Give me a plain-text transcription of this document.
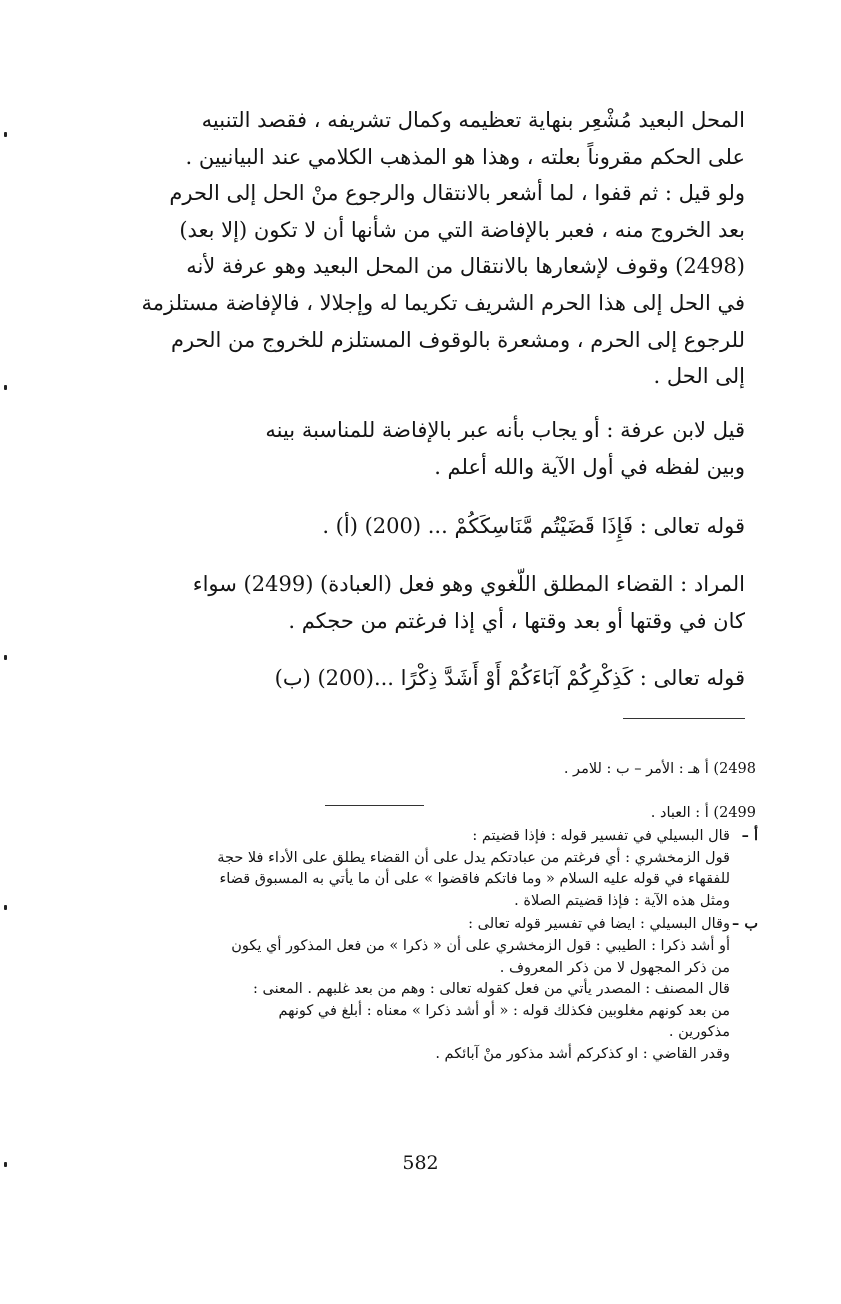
المحل البعيد مُشْعِر بنهاية تعظيمه وكمال تشريفه ، فقصد التنبيه
على الحكم مقروناً بعلته ، وهذا هو المذهب الكلامي عند البيانيين .
ولو قيل : ثم قفوا ، لما أشعر بالانتقال والرجوع منْ الحل إلى الحرم
بعد الخروج منه ، فعبر بالإفاضة التي من شأنها أن لا تكون (إلا بعد)
(2498) وقوف لإشعارها بالانتقال من المحل البعيد وهو عرفة لأنه
في الحل إلى هذا الحرم الشريف تكريما له وإجلالا ، فالإفاضة مستلزمة
للرجوع إلى الحرم ، ومشعرة بالوقوف المستلزم للخروج من الحرم
إلى الحل .

قيل لابن عرفة : أو يجاب بأنه عبر بالإفاضة للمناسبة بينه
وبين لفظه في أول الآية والله أعلم .

قوله تعالى : فَإِذَا قَضَيْتُم مَّنَاسِكَكُمْ ... (200) (أ) .

المراد : القضاء المطلق اللّغوي وهو فعل (العبادة) (2499) سواء
كان في وقتها أو بعد وقتها ، أي إذا فرغتم من حجكم .

قوله تعالى : كَذِكْرِكُمْ آبَاءَكُمْ أَوْ أَشَدَّ ذِكْرًا ...(200) (ب)

2498) أ هـ : الأمر – ب : للامر .

2499) أ : العباد .

أ –قال البسيلي في تفسير قوله : فإذا قضيتم :
قول الزمخشري : أي فرغتم من عبادتكم يدل على أن القضاء يطلق على الأداء فلا حجة
للفقهاء في قوله عليه السلام « وما فاتكم فاقضوا » على أن ما يأتي به المسبوق قضاء
ومثل هذه الآية : فإذا قضيتم الصلاة .
ب –وقال البسيلي : ايضا في تفسير قوله تعالى :
أو أشد ذكرا : الطيبي : قول الزمخشري على أن « ذكرا » من فعل المذكور أي يكون
من ذكر المجهول لا من ذكر المعروف .
قال المصنف : المصدر يأتي من فعل كقوله تعالى : وهم من بعد غلبهم . المعنى :
من بعد كونهم مغلوبين فكذلك قوله : « أو أشد ذكرا » معناه : أبلغ في كونهم
مذكورين .
وقدر القاضي : او كذكركم أشد مذكور منْ آبائكم .
582
